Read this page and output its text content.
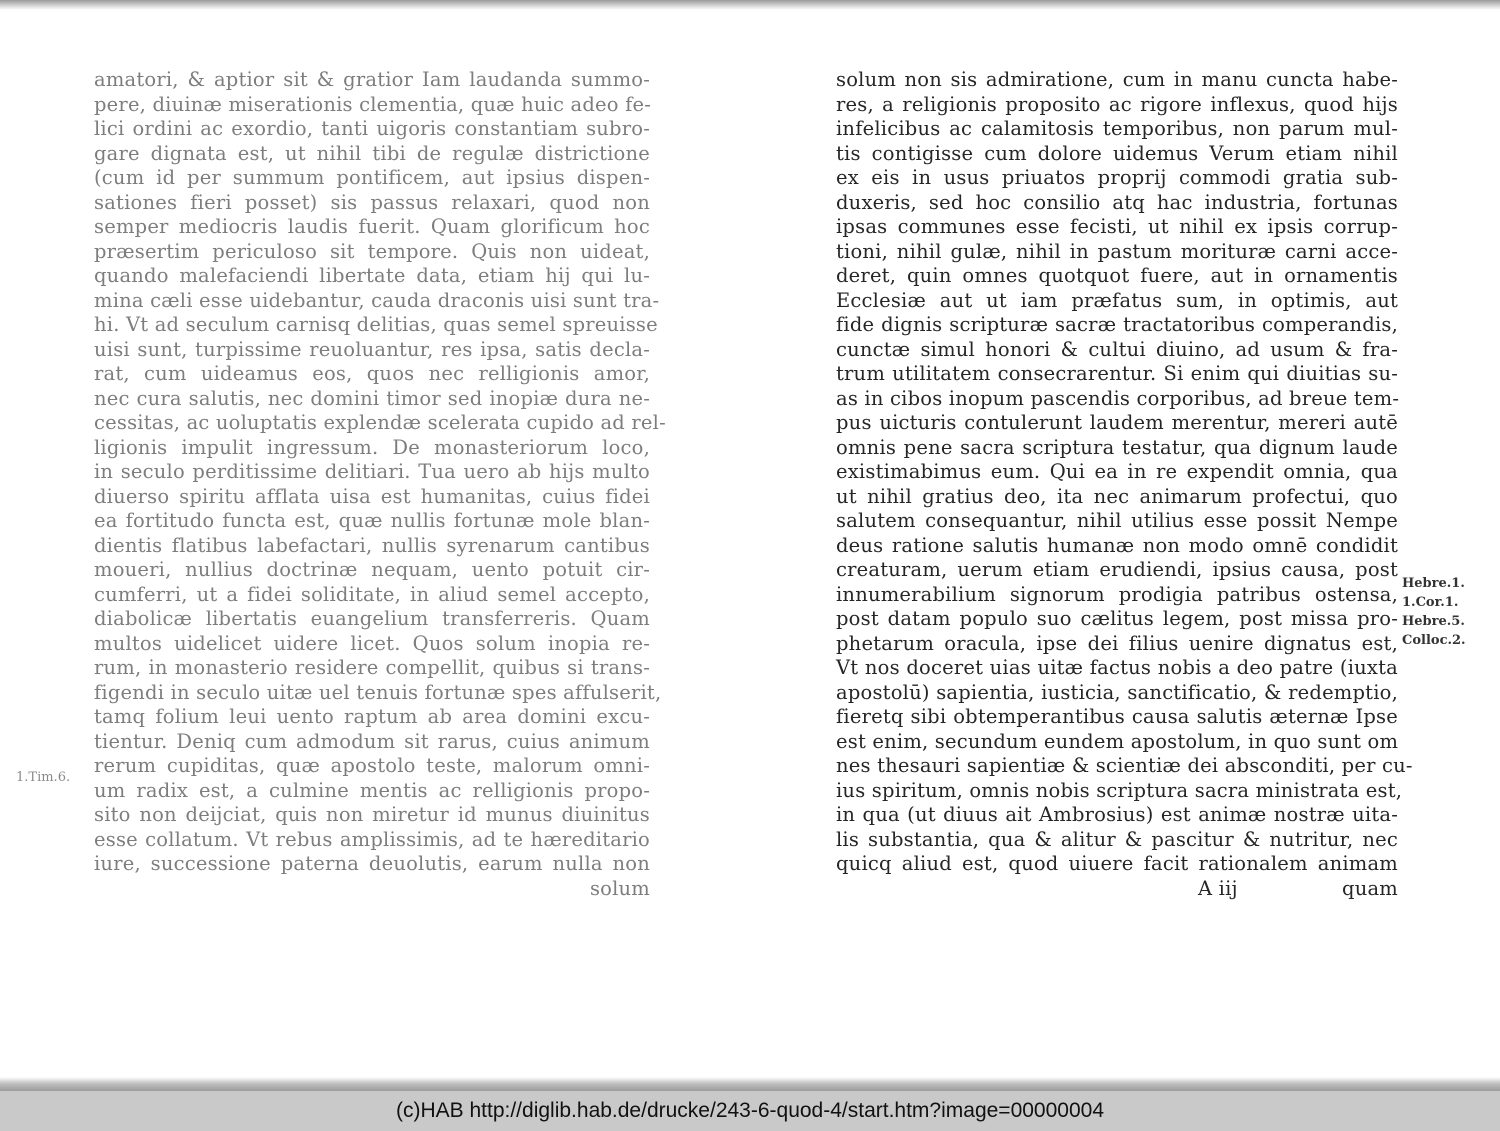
amatori, & aptior sit & gratior Iam laudanda summo-
pere, diuinæ miserationis clementia, quæ huic adeo fe-
lici ordini ac exordio, tanti uigoris constantiam subro-
gare dignata est, ut nihil tibi de regulæ districtione
(cum id per summum pontificem, aut ipsius dispen-
sationes fieri posset) sis passus relaxari, quod non
semper mediocris laudis fuerit. Quam glorificum hoc
præsertim periculoso sit tempore. Quis non uideat,
quando malefaciendi libertate data, etiam hij qui lu-
mina cæli esse uidebantur, cauda draconis uisi sunt tra-
hi. Vt ad seculum carnisq delitias, quas semel spreuisse
uisi sunt, turpissime reuoluantur, res ipsa, satis decla-
rat, cum uideamus eos, quos nec relligionis amor,
nec cura salutis, nec domini timor sed inopiæ dura ne-
cessitas, ac uoluptatis explendæ scelerata cupido ad rel-
ligionis impulit ingressum. De monasteriorum loco,
in seculo perditissime delitiari. Tua uero ab hijs multo
diuerso spiritu afflata uisa est humanitas, cuius fidei
ea fortitudo functa est, quæ nullis fortunæ mole blan-
dientis flatibus labefactari, nullis syrenarum cantibus
moueri, nullius doctrinæ nequam, uento potuit cir-
cumferri, ut a fidei soliditate, in aliud semel accepto,
diabolicæ libertatis euangelium transferreris. Quam
multos uidelicet uidere licet. Quos solum inopia re-
rum, in monasterio residere compellit, quibus si trans-
figendi in seculo uitæ uel tenuis fortunæ spes affulserit,
tamq folium leui uento raptum ab area domini excu-
tientur. Deniq cum admodum sit rarus, cuius animum
rerum cupiditas, quæ apostolo teste, malorum omni-
um radix est, a culmine mentis ac relligionis propo-
sito non deijciat, quis non miretur id munus diuinitus
esse collatum. Vt rebus amplissimis, ad te hæreditario
iure, successione paterna deuolutis, earum nulla non
solum
1.Tim.6.
solum non sis admiratione, cum in manu cuncta habe-
res, a religionis proposito ac rigore inflexus, quod hijs
infelicibus ac calamitosis temporibus, non parum mul-
tis contigisse cum dolore uidemus Verum etiam nihil
ex eis in usus priuatos proprij commodi gratia sub-
duxeris, sed hoc consilio atq hac industria, fortunas
ipsas communes esse fecisti, ut nihil ex ipsis corrup-
tioni, nihil gulæ, nihil in pastum morituræ carni acce-
deret, quin omnes quotquot fuere, aut in ornamentis
Ecclesiæ aut ut iam præfatus sum, in optimis, aut
fide dignis scripturæ sacræ tractatoribus comperandis,
cunctæ simul honori & cultui diuino, ad usum & fra-
trum utilitatem consecrarentur. Si enim qui diuitias su-
as in cibos inopum pascendis corporibus, ad breue tem-
pus uicturis contulerunt laudem merentur, mereri autē
omnis pene sacra scriptura testatur, qua dignum laude
existimabimus eum. Qui ea in re expendit omnia, qua
ut nihil gratius deo, ita nec animarum profectui, quo
salutem consequantur, nihil utilius esse possit Nempe
deus ratione salutis humanæ non modo omnē condidit
creaturam, uerum etiam erudiendi, ipsius causa, post
innumerabilium signorum prodigia patribus ostensa,
post datam populo suo cælitus legem, post missa pro-
phetarum oracula, ipse dei filius uenire dignatus est,
Vt nos doceret uias uitæ factus nobis a deo patre (iuxta
apostolū) sapientia, iusticia, sanctificatio, & redemptio,
fieretq sibi obtemperantibus causa salutis æternæ Ipse
est enim, secundum eundem apostolum, in quo sunt om
nes thesauri sapientiæ & scientiæ dei absconditi, per cu-
ius spiritum, omnis nobis scriptura sacra ministrata est,
in qua (ut diuus ait Ambrosius) est animæ nostræ uita-
lis substantia, qua & alitur & pascitur & nutritur, nec
quicq aliud est, quod uiuere facit rationalem animam
A iij	quam
Hebre.1.
1.Cor.1.
Hebre.5.
Colloc.2.
(c)HAB http://diglib.hab.de/drucke/243-6-quod-4/start.htm?image=00000004
